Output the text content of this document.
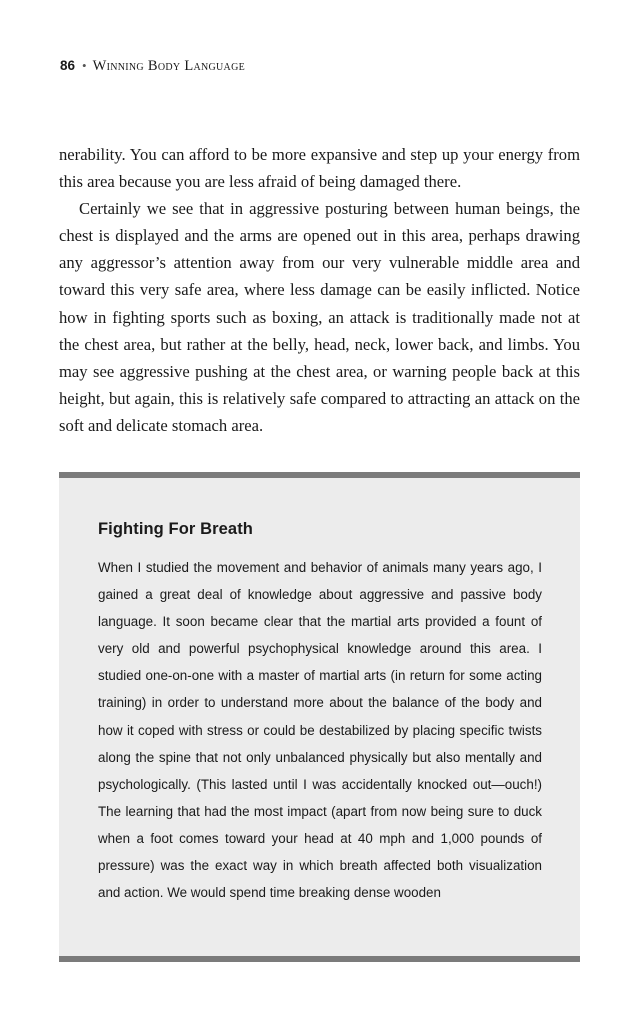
86 • Winning Body Language

nerability. You can afford to be more expansive and step up your energy from this area because you are less afraid of being damaged there.

Certainly we see that in aggressive posturing between human beings, the chest is displayed and the arms are opened out in this area, perhaps drawing any aggressor’s attention away from our very vulnerable middle area and toward this very safe area, where less damage can be easily inflicted. Notice how in fighting sports such as boxing, an attack is traditionally made not at the chest area, but rather at the belly, head, neck, lower back, and limbs. You may see aggressive pushing at the chest area, or warning people back at this height, but again, this is relatively safe compared to attracting an attack on the soft and delicate stomach area.

Fighting For Breath

When I studied the movement and behavior of animals many years ago, I gained a great deal of knowledge about aggressive and passive body language. It soon became clear that the martial arts provided a fount of very old and powerful psychophysical knowledge around this area. I studied one-on-one with a master of martial arts (in return for some acting training) in order to understand more about the balance of the body and how it coped with stress or could be destabilized by placing specific twists along the spine that not only unbalanced physically but also mentally and psychologically. (This lasted until I was accidentally knocked out—ouch!) The learning that had the most impact (apart from now being sure to duck when a foot comes toward your head at 40 mph and 1,000 pounds of pressure) was the exact way in which breath affected both visualization and action. We would spend time breaking dense wooden
